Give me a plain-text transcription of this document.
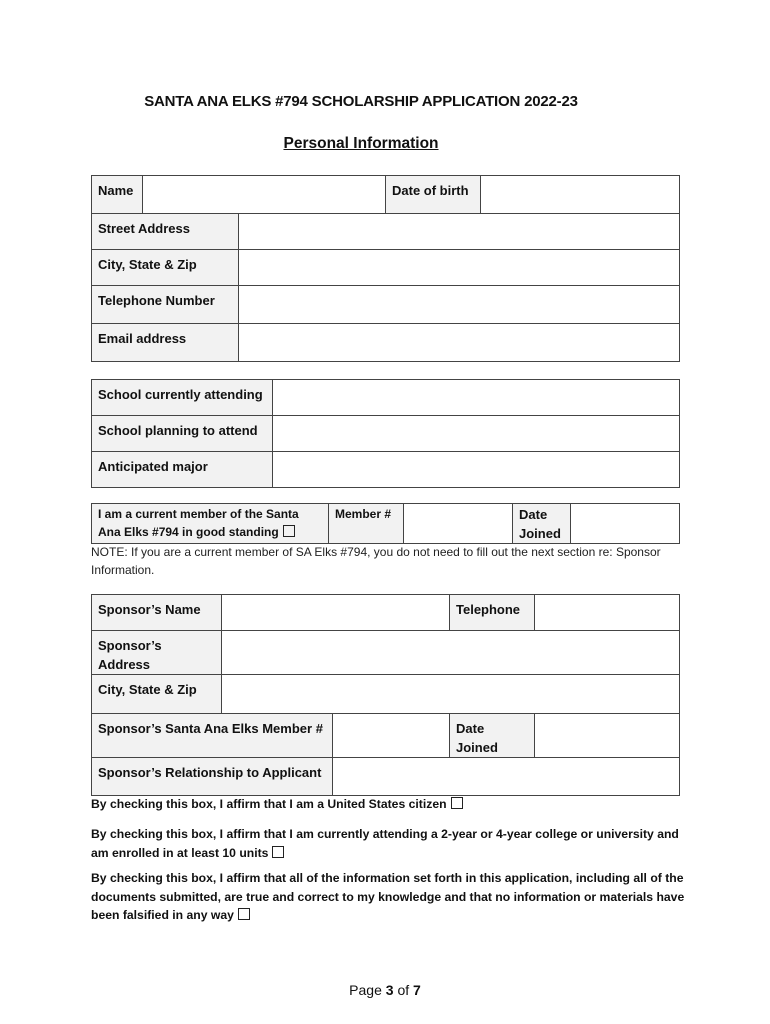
SANTA ANA ELKS #794 SCHOLARSHIP APPLICATION 2022-23
Personal Information
Name		Date of birth

Street Address	

City, State & Zip	

Telephone Number	

Email address	

School currently attending	

School planning to attend	

Anticipated major	

I am a current member of the Santa Ana Elks #794 in good standing	Member #		Date Joined	
NOTE: If you are a current member of SA Elks #794, you do not need to fill out the next section re: Sponsor Information.
Sponsor’s Name			Telephone	

Sponsor’s Address				

City, State & Zip				

Sponsor’s Santa Ana Elks Member #			Date Joined	

Sponsor’s Relationship to Applicant				

By checking this box, I affirm that I am a United States citizen
By checking this box, I affirm that I am currently attending a 2-year or 4-year college or university and am enrolled in at least 10 units
By checking this box, I affirm that all of the information set forth in this application, including all of the documents submitted, are true and correct to my knowledge and that no information or materials have been falsified in any way
Page 3 of 7
